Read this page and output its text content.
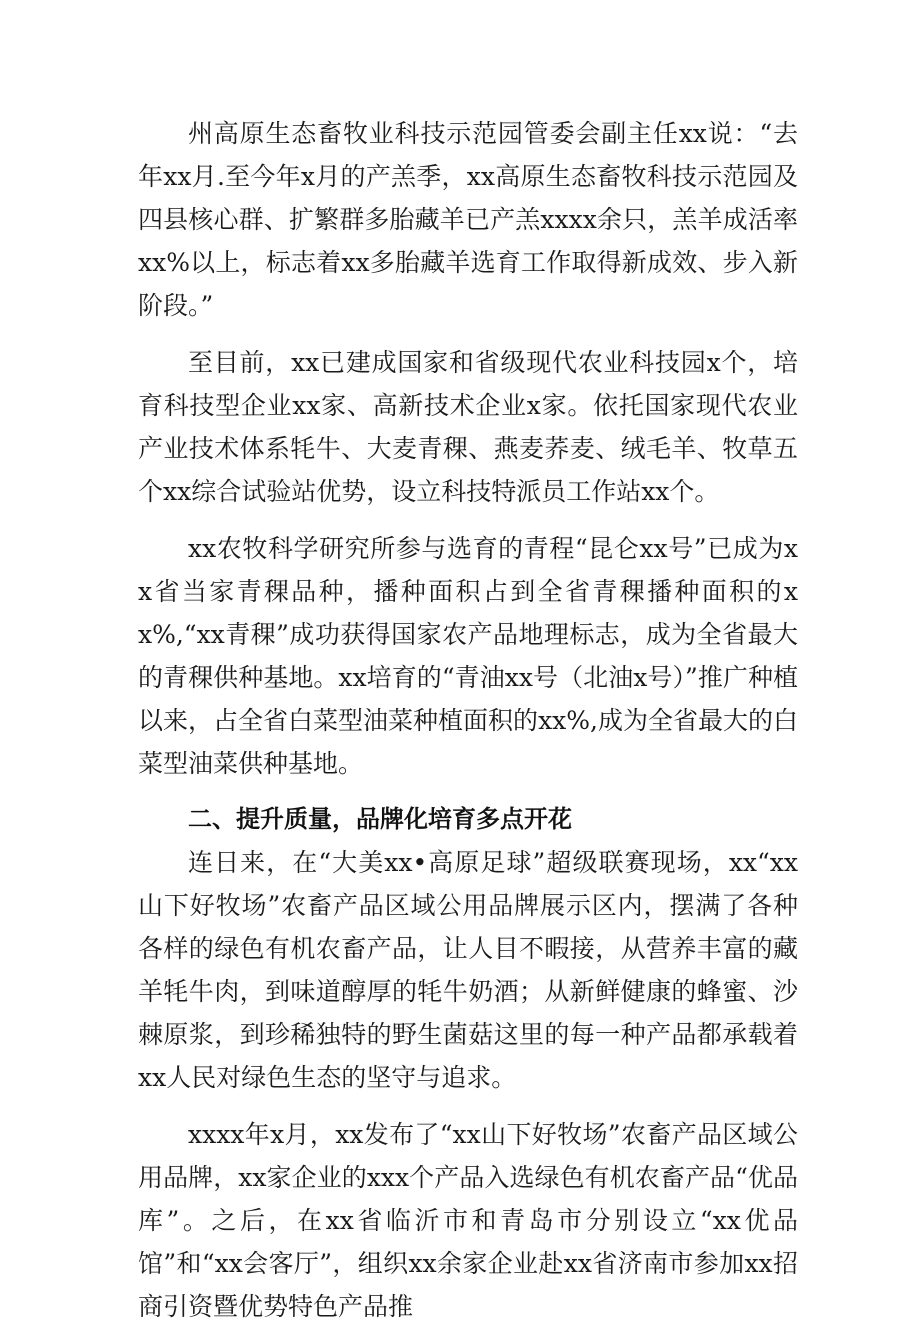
州高原生态畜牧业科技示范园管委会副主任xx说：“去年xx月.至今年x月的产羔季，xx高原生态畜牧科技示范园及四县核心群、扩繁群多胎藏羊已产羔xxxx余只，羔羊成活率xx%以上，标志着xx多胎藏羊选育工作取得新成效、步入新阶段。”

至目前，xx已建成国家和省级现代农业科技园x个，培育科技型企业xx家、高新技术企业x家。依托国家现代农业产业技术体系牦牛、大麦青稞、燕麦荞麦、绒毛羊、牧草五个xx综合试验站优势，设立科技特派员工作站xx个。

xx农牧科学研究所参与选育的青程“昆仑xx号”已成为xx省当家青稞品种，播种面积占到全省青稞播种面积的xx%,“xx青稞”成功获得国家农产品地理标志，成为全省最大的青稞供种基地。xx培育的“青油xx号（北油x号）”推广种植以来，占全省白菜型油菜种植面积的xx%,成为全省最大的白菜型油菜供种基地。

二、提升质量，品牌化培育多点开花

连日来，在“大美xx•高原足球”超级联赛现场，xx“xx山下好牧场”农畜产品区域公用品牌展示区内，摆满了各种各样的绿色有机农畜产品，让人目不暇接，从营养丰富的藏羊牦牛肉，到味道醇厚的牦牛奶酒；从新鲜健康的蜂蜜、沙棘原浆，到珍稀独特的野生菌菇这里的每一种产品都承载着xx人民对绿色生态的坚守与追求。

xxxx年x月，xx发布了“xx山下好牧场”农畜产品区域公用品牌，xx家企业的xxx个产品入选绿色有机农畜产品“优品库”。之后，在xx省临沂市和青岛市分别设立“xx优品馆”和“xx会客厅”，组织xx余家企业赴xx省济南市参加xx招商引资暨优势特色产品推
